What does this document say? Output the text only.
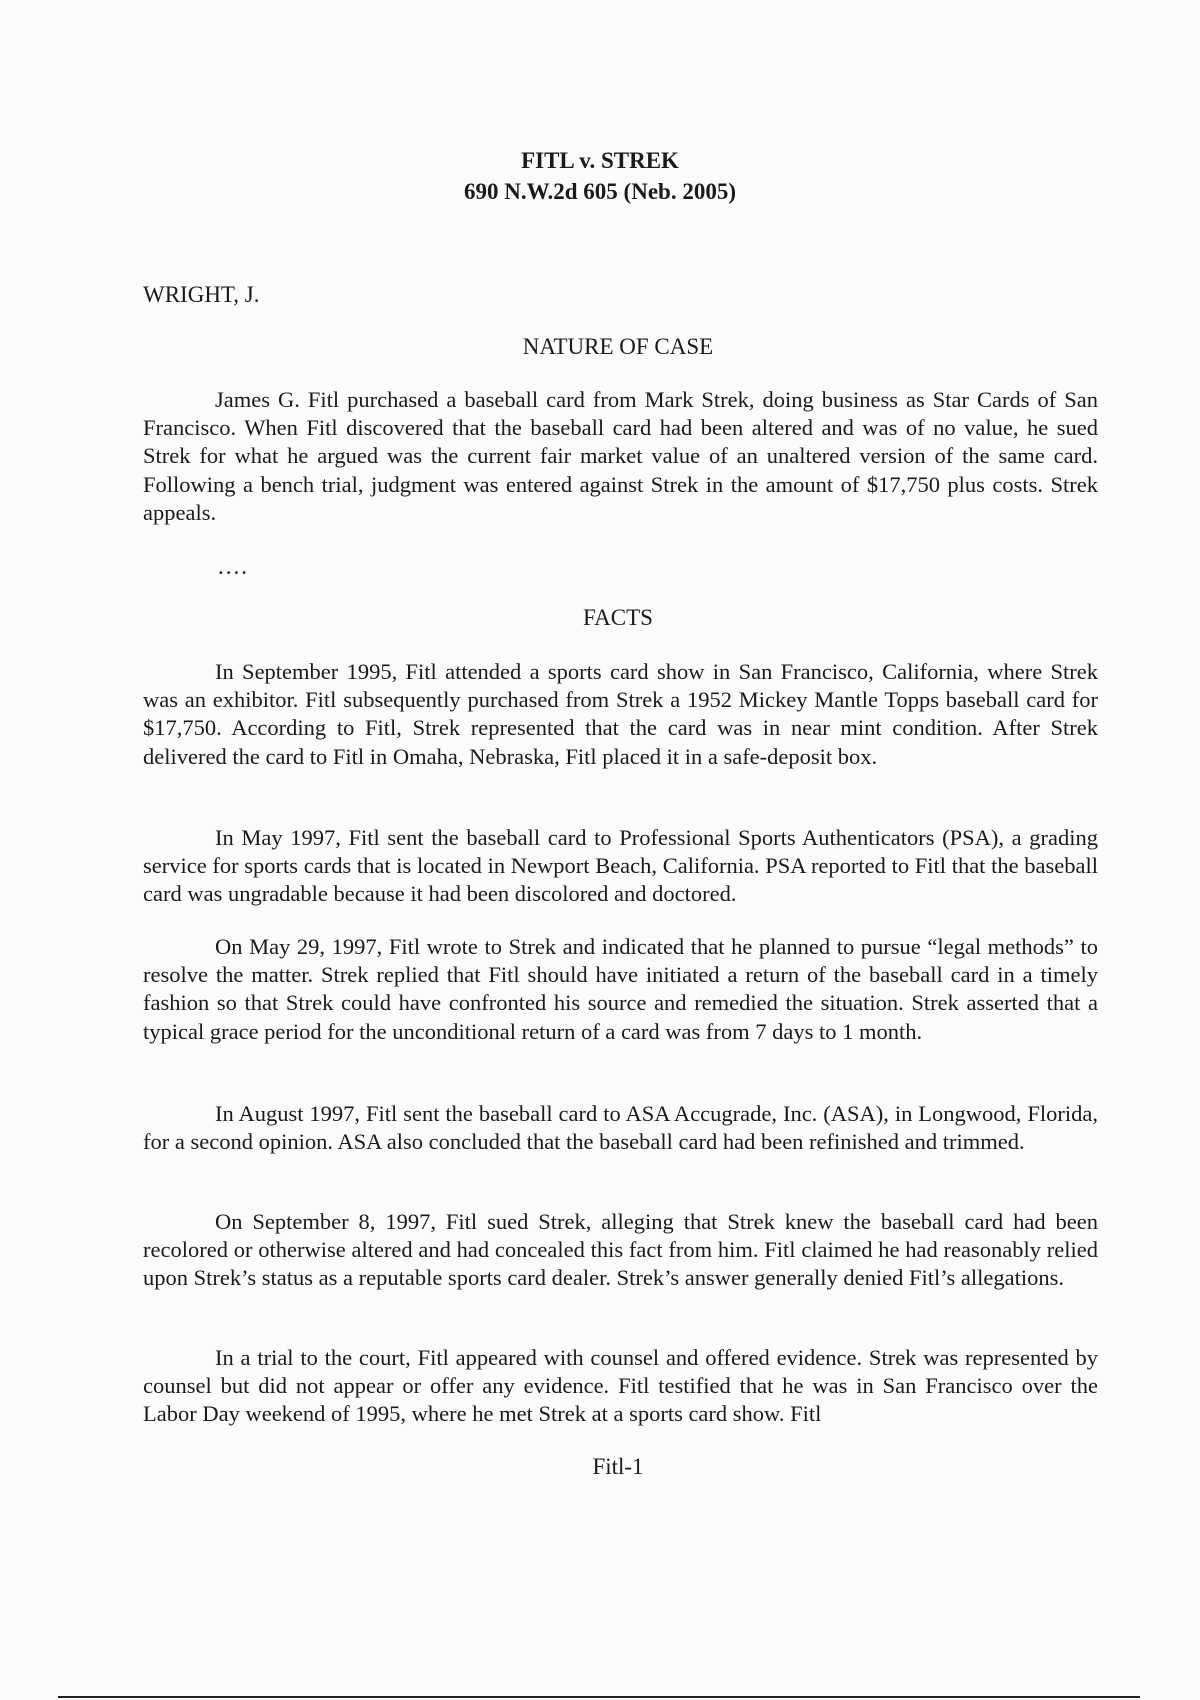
FITL v. STREK
690 N.W.2d 605 (Neb. 2005)
WRIGHT, J.
NATURE OF CASE

James G. Fitl purchased a baseball card from Mark Strek, doing business as Star Cards of San Francisco. When Fitl discovered that the baseball card had been altered and was of no value, he sued Strek for what he argued was the current fair market value of an unaltered version of the same card. Following a bench trial, judgment was entered against Strek in the amount of $17,750 plus costs. Strek appeals.

....
FACTS

In September 1995, Fitl attended a sports card show in San Francisco, California, where Strek was an exhibitor. Fitl subsequently purchased from Strek a 1952 Mickey Mantle Topps baseball card for $17,750. According to Fitl, Strek represented that the card was in near mint condition. After Strek delivered the card to Fitl in Omaha, Nebraska, Fitl placed it in a safe-deposit box.

In May 1997, Fitl sent the baseball card to Professional Sports Authenticators (PSA), a grading service for sports cards that is located in Newport Beach, California. PSA reported to Fitl that the baseball card was ungradable because it had been discolored and doctored.

On May 29, 1997, Fitl wrote to Strek and indicated that he planned to pursue “legal methods” to resolve the matter. Strek replied that Fitl should have initiated a return of the baseball card in a timely fashion so that Strek could have confronted his source and remedied the situation. Strek asserted that a typical grace period for the unconditional return of a card was from 7 days to 1 month.

In August 1997, Fitl sent the baseball card to ASA Accugrade, Inc. (ASA), in Longwood, Florida, for a second opinion. ASA also concluded that the baseball card had been refinished and trimmed.

On September 8, 1997, Fitl sued Strek, alleging that Strek knew the baseball card had been recolored or otherwise altered and had concealed this fact from him. Fitl claimed he had reasonably relied upon Strek’s status as a reputable sports card dealer. Strek’s answer generally denied Fitl’s allegations.

In a trial to the court, Fitl appeared with counsel and offered evidence. Strek was represented by counsel but did not appear or offer any evidence. Fitl testified that he was in San Francisco over the Labor Day weekend of 1995, where he met Strek at a sports card show. Fitl

Fitl-1
